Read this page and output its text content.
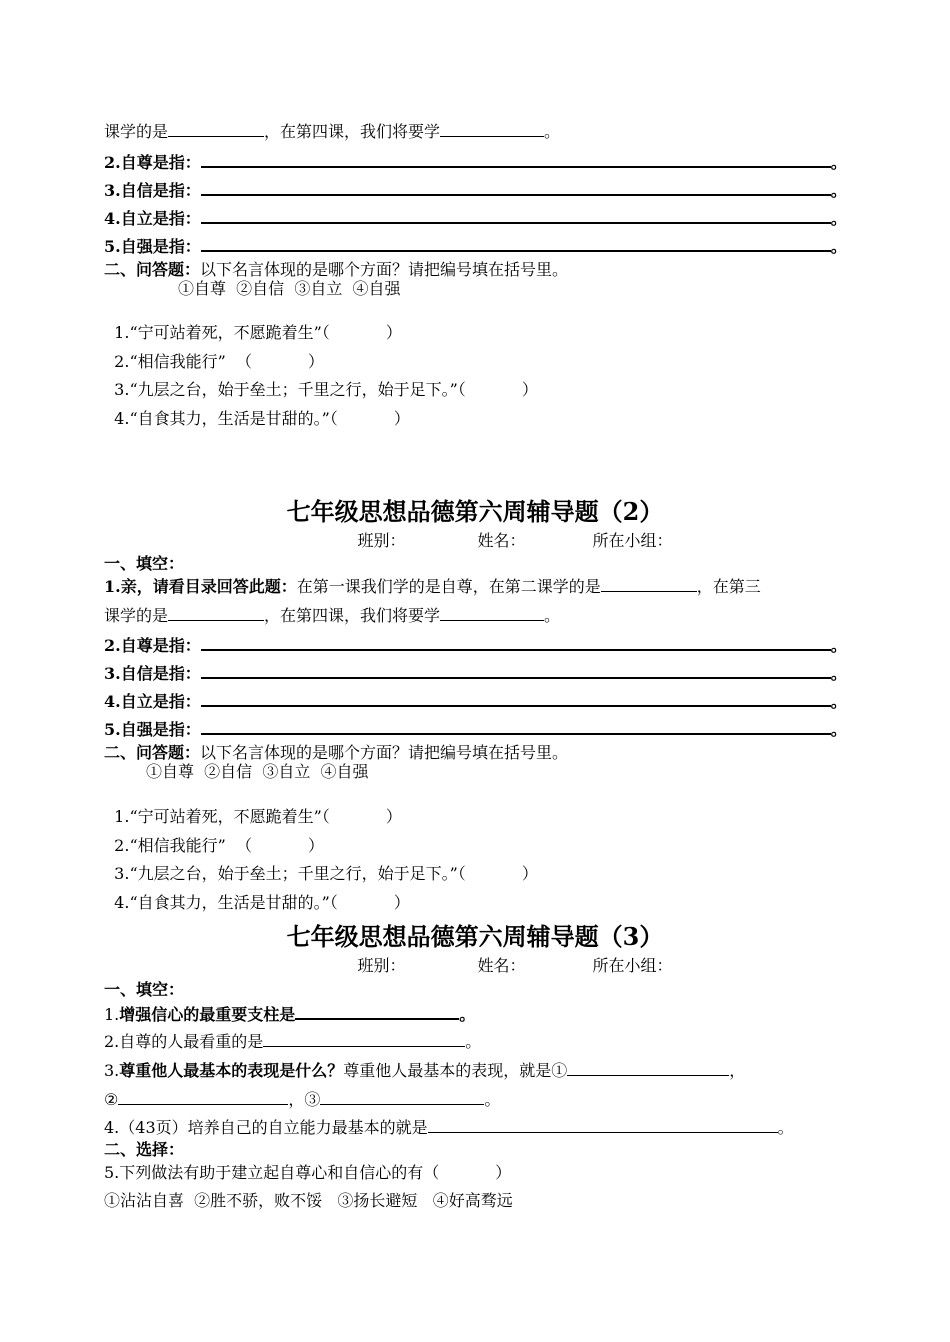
课学的是	，在第四课，我们将要学	。
2.自尊是指：	。
3.自信是指：	。
4.自立是指：	。
5.自强是指：	。
二、问答题：以下名言体现的是哪个方面？请把编号填在括号里。
①自尊  ②自信  ③自立  ④自强

1.“宁可站着死，不愿跪着生”（	）

2.“相信我能行”  （	）

3.“九层之台，始于垒土；千里之行，始于足下。”（	）

4.“自食其力，生活是甘甜的。”（	）

七年级思想品德第六周辅导题（2）
班别：	姓名：	所在小组：
一、填空：
1.亲，请看目录回答此题：在第一课我们学的是自尊，在第二课学的是	，在第三
课学的是	，在第四课，我们将要学	。
2.自尊是指：	。
3.自信是指：	。
4.自立是指：	。
5.自强是指：	。
二、问答题：以下名言体现的是哪个方面？请把编号填在括号里。
①自尊  ②自信  ③自立  ④自强

1.“宁可站着死，不愿跪着生”（	）

2.“相信我能行”  （	）

3.“九层之台，始于垒土；千里之行，始于足下。”（	）

4.“自食其力，生活是甘甜的。”（	）

七年级思想品德第六周辅导题（3）
班别：	姓名：	所在小组：
一、填空：
1.增强信心的最重要支柱是	。
2.自尊的人最看重的是	。
3.尊重他人最基本的表现是什么？尊重他人最基本的表现，就是①	，
②	，③	。
4.（43页）培养自己的自立能力最基本的就是	。
二、选择：
5.下列做法有助于建立起自尊心和自信心的有（	）
①沾沾自喜  ②胜不骄，败不馁   ③扬长避短   ④好高骛远
